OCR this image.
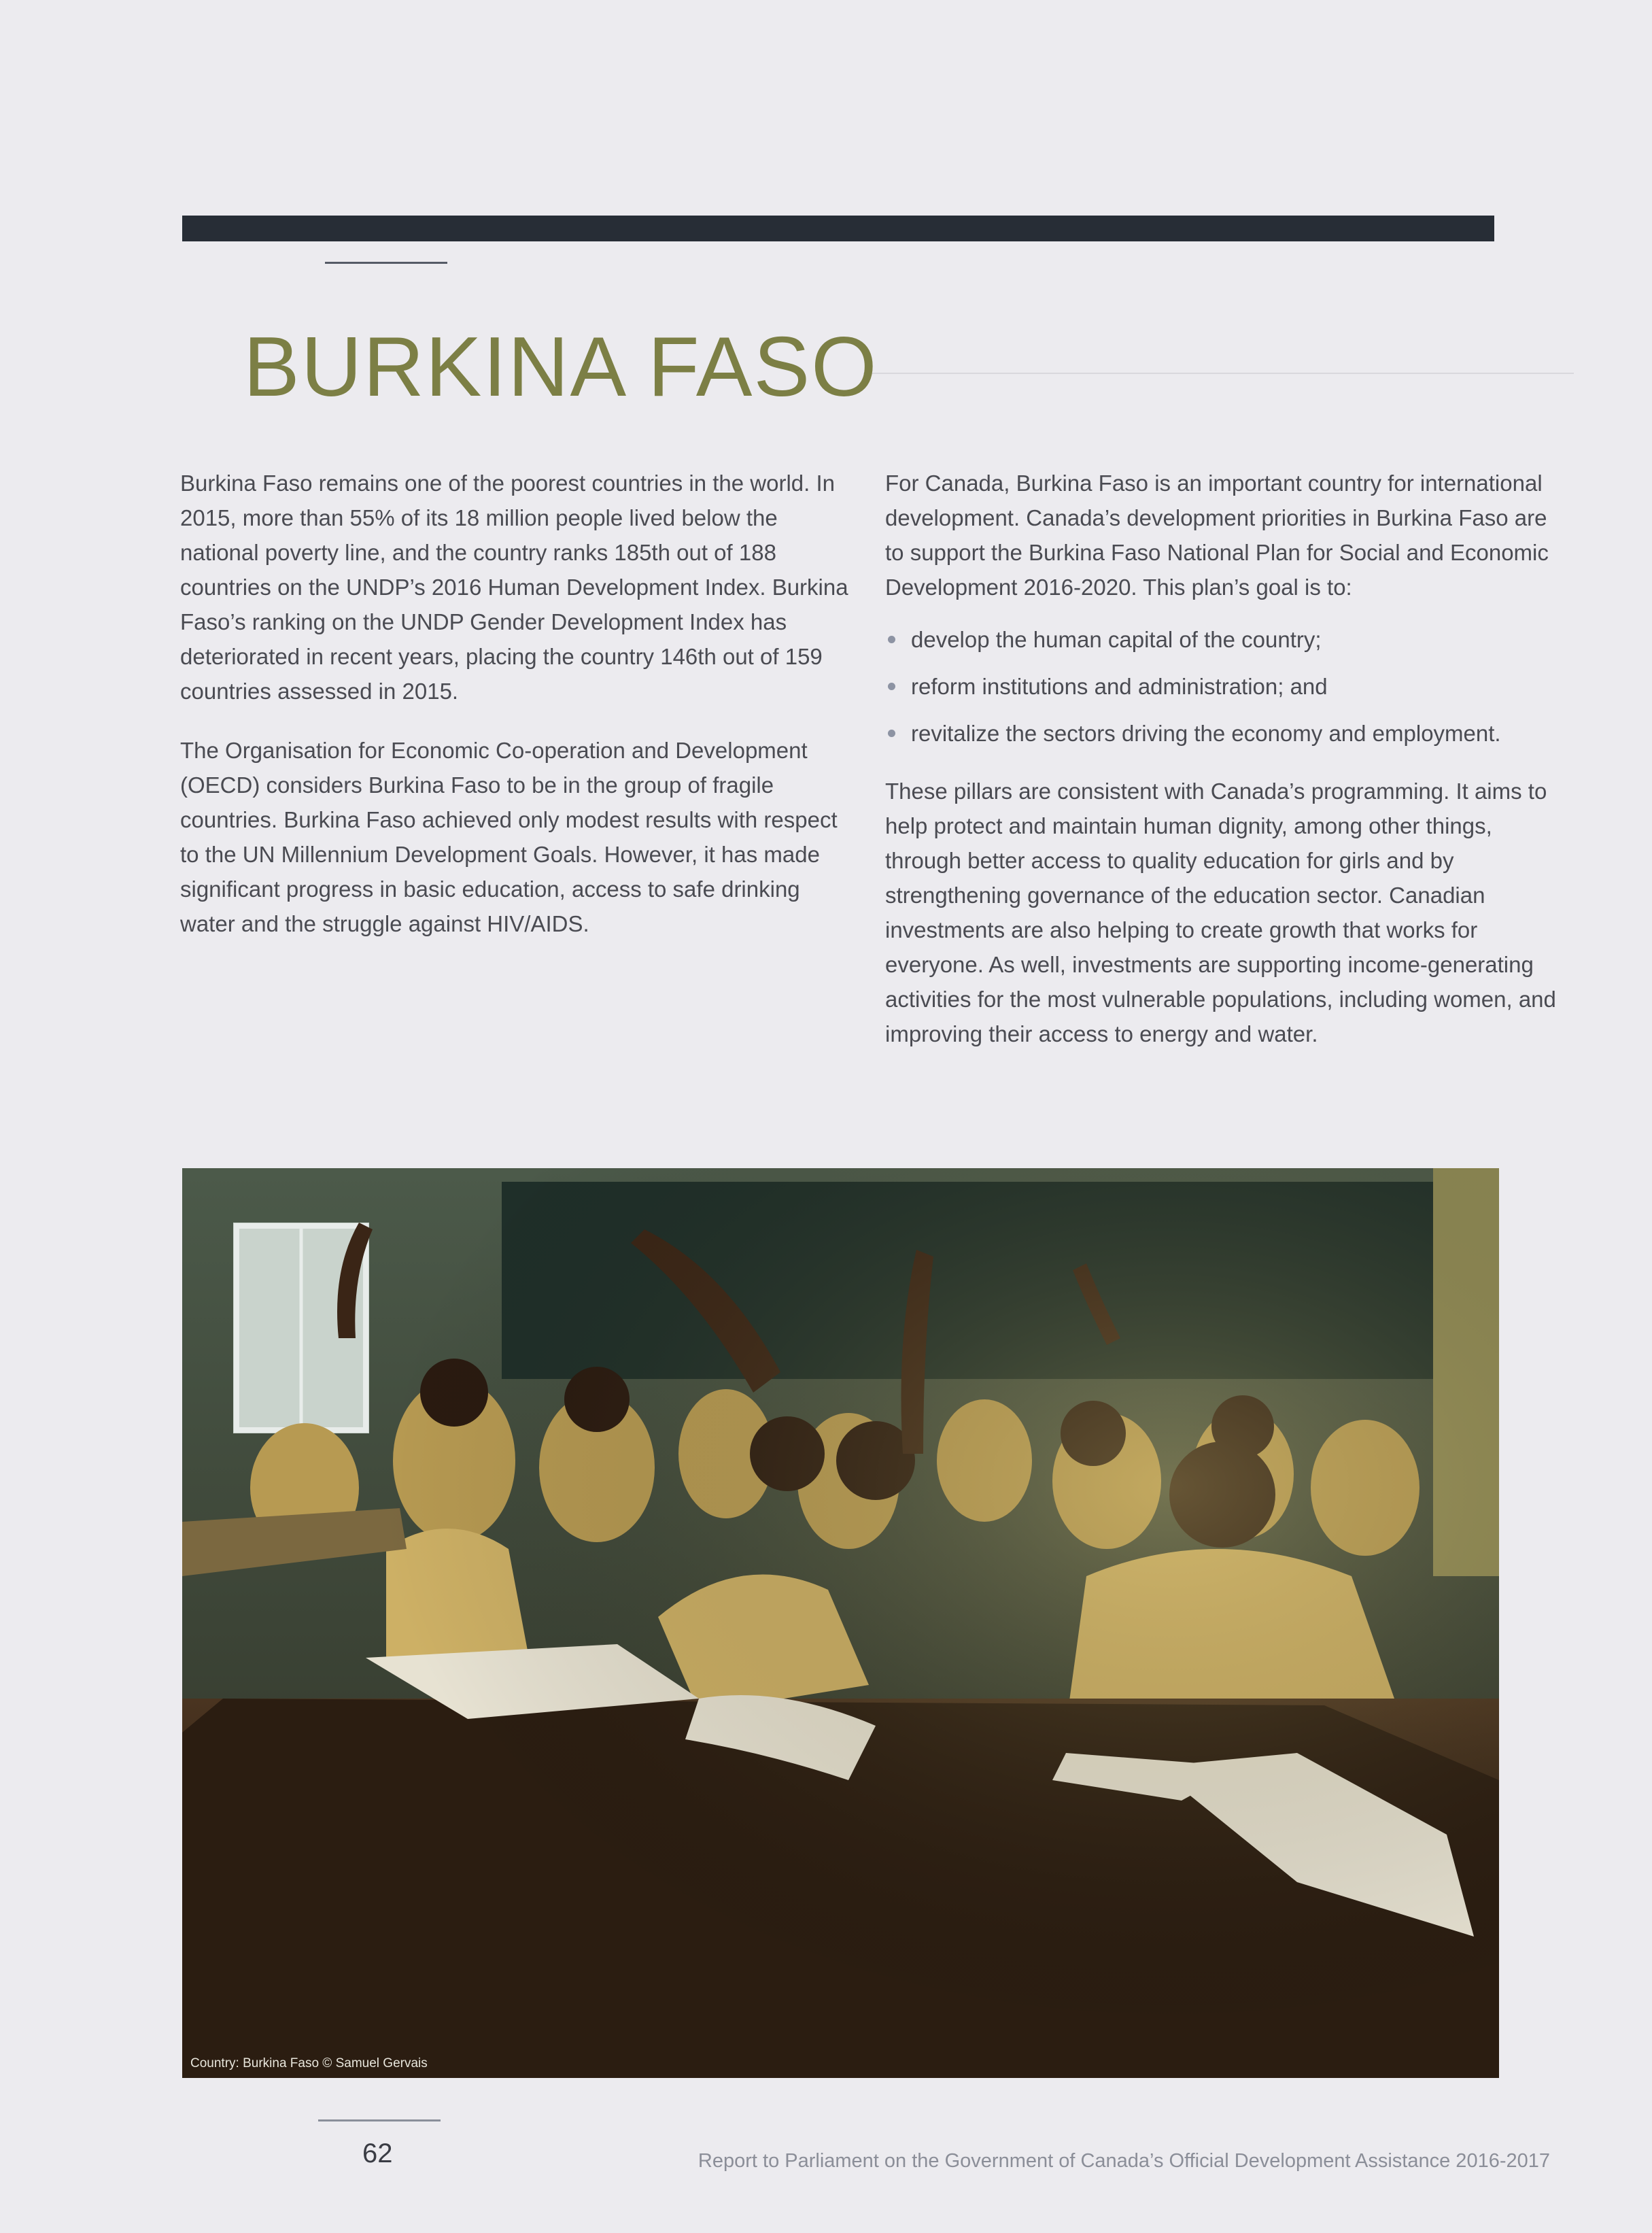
BURKINA FASO

Burkina Faso remains one of the poorest countries in the world. In 2015, more than 55% of its 18 million people lived below the national poverty line, and the country ranks 185th out of 188 countries on the UNDP’s 2016 Human Development Index. Burkina Faso’s ranking on the UNDP Gender Development Index has deteriorated in recent years, placing the country 146th out of 159 countries assessed in 2015.

The Organisation for Economic Co-operation and Development (OECD) considers Burkina Faso to be in the group of fragile countries. Burkina Faso achieved only modest results with respect to the UN Millennium Development Goals. However, it has made significant progress in basic education, access to safe drinking water and the struggle against HIV/AIDS.

For Canada, Burkina Faso is an important country for international development. Canada’s development priorities in Burkina Faso are to support the Burkina Faso National Plan for Social and Economic Development 2016-2020. This plan’s goal is to:

develop the human capital of the country;
reform institutions and administration; and
revitalize the sectors driving the economy and employment.

These pillars are consistent with Canada’s programming. It aims to help protect and maintain human dignity, among other things, through better access to quality education for girls and by strengthening governance of the education sector. Canadian investments are also helping to create growth that works for everyone. As well, investments are supporting income-generating activities for the most vulnerable populations, including women, and improving their access to energy and water.

Country: Burkina Faso © Samuel Gervais
62	Report to Parliament on the Government of Canada’s Official Development Assistance 2016-2017
